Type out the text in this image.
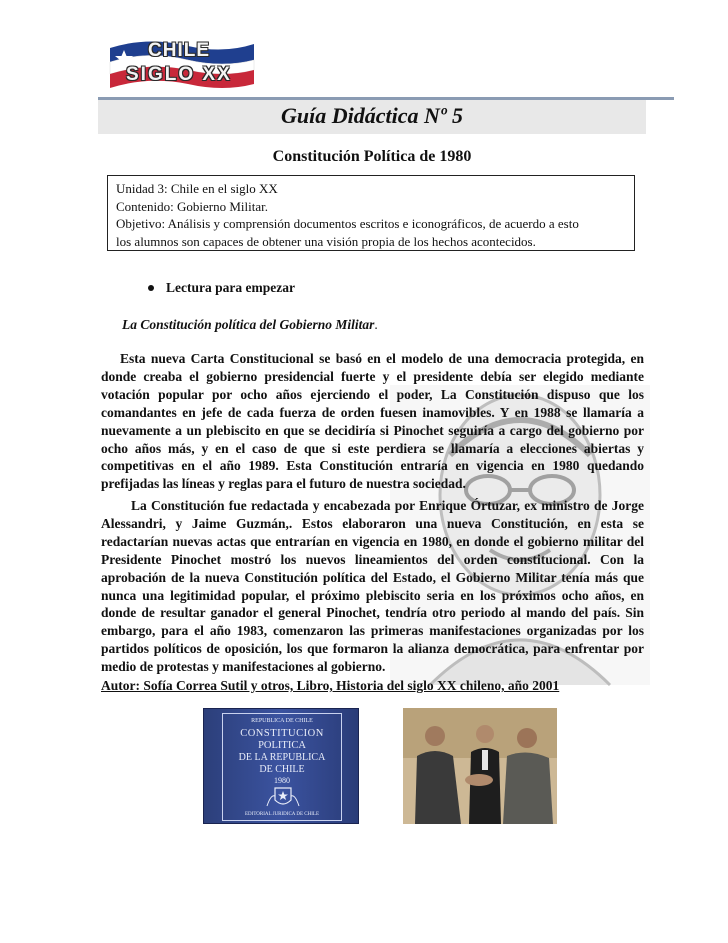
CHILE
SIGLO XX
Guía Didáctica Nº 5
Constitución Política de 1980
Unidad 3: Chile en el siglo XX
Contenido: Gobierno Militar.
Objetivo: Análisis y comprensión documentos escritos e iconográficos, de acuerdo a esto
los alumnos son capaces de obtener una visión propia de los hechos acontecidos.
Lectura para empezar
La Constitución política del Gobierno Militar.

Esta nueva Carta Constitucional se basó en el modelo de una democracia protegida, en donde creaba el gobierno presidencial fuerte y el presidente debía ser elegido mediante votación popular por ocho años ejerciendo el poder, La Constitución dispuso que los comandantes en jefe de cada fuerza de orden fuesen inamovibles. Y en 1988 se llamaría a nuevamente a un plebiscito en que se decidiría si Pinochet seguiría a cargo del gobierno por ocho años más, y en el caso de que si este perdiera se llamaría a elecciones abiertas y competitivas en el año 1989. Esta Constitución entraría en vigencia en 1980 quedando prefijadas las líneas y reglas para el futuro de nuestra sociedad.

La Constitución fue redactada y encabezada por Enrique Órtuzar, ex ministro de Jorge Alessandri, y Jaime Guzmán,. Estos elaboraron una nueva Constitución, en esta se redactarían nuevas actas que entrarían en vigencia en 1980, en donde el gobierno militar del Presidente Pinochet mostró los nuevos lineamientos del orden constitucional. Con la aprobación de la nueva Constitución política del Estado, el Gobierno Militar tenía más que nunca una legitimidad popular, el próximo plebiscito seria en los próximos ocho años, en donde de resultar ganador el general Pinochet, tendría otro periodo al mando del país. Sin embargo, para el año 1983, comenzaron las primeras manifestaciones organizadas por los partidos políticos de oposición, los que formaron la alianza democrática, para enfrentar por medio de protestas y manifestaciones al gobierno.

Autor: Sofía Correa Sutil y otros, Libro, Historia del siglo XX chileno, año 2001
REPUBLICA DE CHILE
CONSTITUCION
POLITICA
DE LA REPUBLICA
DE CHILE
1980
EDITORIAL JURIDICA DE CHILE
